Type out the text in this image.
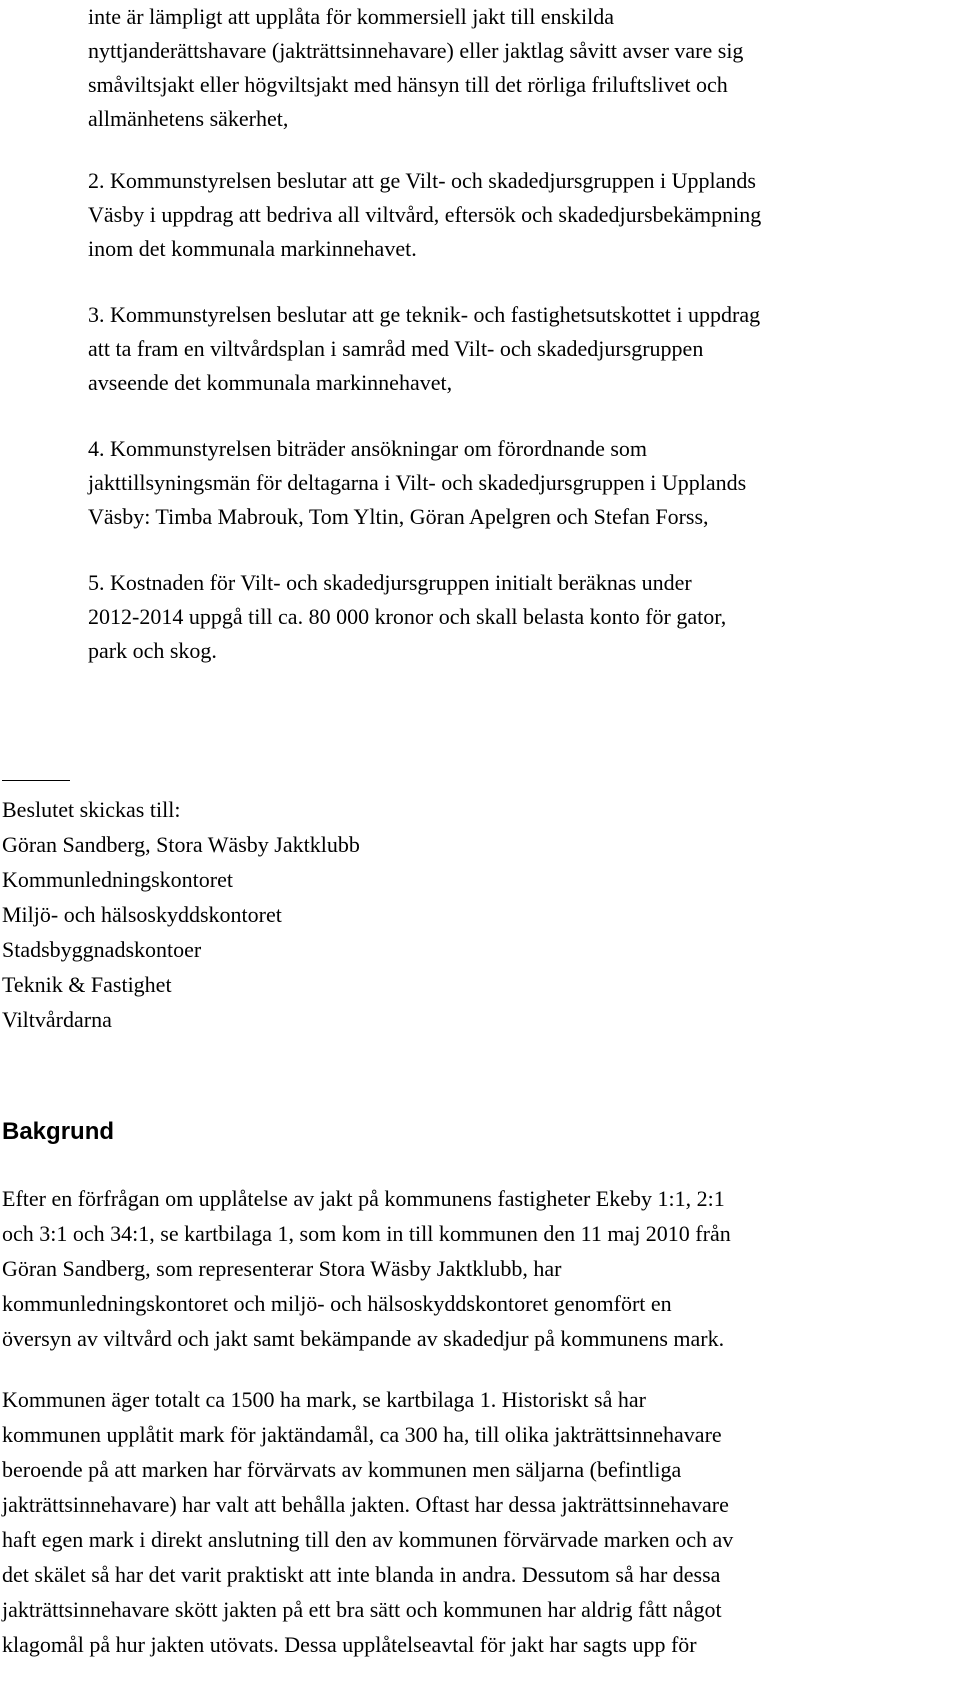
inte är lämpligt att upplåta för kommersiell jakt till enskilda
nyttjanderättshavare (jakträttsinnehavare) eller jaktlag såvitt avser vare sig
småviltsjakt eller högviltsjakt med hänsyn till det rörliga friluftslivet och
allmänhetens säkerhet,

2. Kommunstyrelsen beslutar att ge Vilt- och skadedjursgruppen i Upplands
Väsby i uppdrag att bedriva all viltvård, eftersök och skadedjursbekämpning
inom det kommunala markinnehavet.

3. Kommunstyrelsen beslutar att ge teknik- och fastighetsutskottet i uppdrag
att ta fram en viltvårdsplan i samråd med Vilt- och skadedjursgruppen
avseende det kommunala markinnehavet,

4. Kommunstyrelsen biträder ansökningar om förordnande som
jakttillsyningsmän för deltagarna i Vilt- och skadedjursgruppen i Upplands
Väsby: Timba Mabrouk, Tom Yltin, Göran Apelgren och Stefan Forss,

5. Kostnaden för Vilt- och skadedjursgruppen initialt beräknas under
2012-2014 uppgå till ca. 80 000 kronor och skall belasta konto för gator,
park och skog.

Beslutet skickas till:
Göran Sandberg, Stora Wäsby Jaktklubb
Kommunledningskontoret
Miljö- och hälsoskyddskontoret
Stadsbyggnadskontoer
Teknik & Fastighet
Viltvårdarna
Bakgrund

Efter en förfrågan om upplåtelse av jakt på kommunens fastigheter Ekeby 1:1, 2:1
och 3:1 och 34:1, se kartbilaga 1, som kom in till kommunen den 11 maj 2010 från
Göran Sandberg, som representerar Stora Wäsby Jaktklubb, har
kommunledningskontoret och miljö- och hälsoskyddskontoret genomfört en
översyn av viltvård och jakt samt bekämpande av skadedjur på kommunens mark.

Kommunen äger totalt ca 1500 ha mark, se kartbilaga 1. Historiskt så har
kommunen upplåtit mark för jaktändamål, ca 300 ha, till olika jakträttsinnehavare
beroende på att marken har förvärvats av kommunen men säljarna (befintliga
jakträttsinnehavare) har valt att behålla jakten. Oftast har dessa jakträttsinnehavare
haft egen mark i direkt anslutning till den av kommunen förvärvade marken och av
det skälet så har det varit praktiskt att inte blanda in andra. Dessutom så har dessa
jakträttsinnehavare skött jakten på ett bra sätt och kommunen har aldrig fått något
klagomål på hur jakten utövats. Dessa upplåtelseavtal för jakt har sagts upp för
